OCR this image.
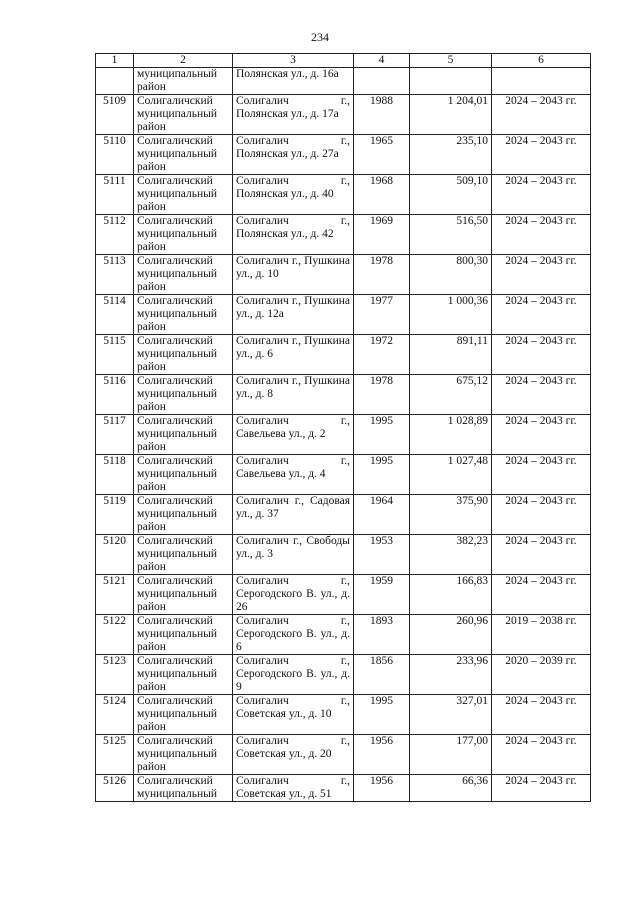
234
1	2	3	4	5	6
	муниципальный район	Полянская ул., д. 16а			
5109	Солигаличский муниципальный район	Солигалич г., Полянская ул., д. 17а	1988	1 204,01	2024 – 2043 гг.
5110	Солигаличский муниципальный район	Солигалич г., Полянская ул., д. 27а	1965	235,10	2024 – 2043 гг.
5111	Солигаличский муниципальный район	Солигалич г., Полянская ул., д. 40	1968	509,10	2024 – 2043 гг.
5112	Солигаличский муниципальный район	Солигалич г., Полянская ул., д. 42	1969	516,50	2024 – 2043 гг.
5113	Солигаличский муниципальный район	Солигалич г., Пушкина ул., д. 10	1978	800,30	2024 – 2043 гг.
5114	Солигаличский муниципальный район	Солигалич г., Пушкина ул., д. 12а	1977	1 000,36	2024 – 2043 гг.
5115	Солигаличский муниципальный район	Солигалич г., Пушкина ул., д. 6	1972	891,11	2024 – 2043 гг.
5116	Солигаличский муниципальный район	Солигалич г., Пушкина ул., д. 8	1978	675,12	2024 – 2043 гг.
5117	Солигаличский муниципальный район	Солигалич г., Савельева ул., д. 2	1995	1 028,89	2024 – 2043 гг.
5118	Солигаличский муниципальный район	Солигалич г., Савельева ул., д. 4	1995	1 027,48	2024 – 2043 гг.
5119	Солигаличский муниципальный район	Солигалич г., Садовая ул., д. 37	1964	375,90	2024 – 2043 гг.
5120	Солигаличский муниципальный район	Солигалич г., Свободы ул., д. 3	1953	382,23	2024 – 2043 гг.
5121	Солигаличский муниципальный район	Солигалич г., Серогодского В. ул., д. 26	1959	166,83	2024 – 2043 гг.
5122	Солигаличский муниципальный район	Солигалич г., Серогодского В. ул., д. 6	1893	260,96	2019 – 2038 гг.
5123	Солигаличский муниципальный район	Солигалич г., Серогодского В. ул., д. 9	1856	233,96	2020 – 2039 гг.
5124	Солигаличский муниципальный район	Солигалич г., Советская ул., д. 10	1995	327,01	2024 – 2043 гг.
5125	Солигаличский муниципальный район	Солигалич г., Советская ул., д. 20	1956	177,00	2024 – 2043 гг.
5126	Солигаличский муниципальный	Солигалич г., Советская ул., д. 51	1956	66,36	2024 – 2043 гг.
